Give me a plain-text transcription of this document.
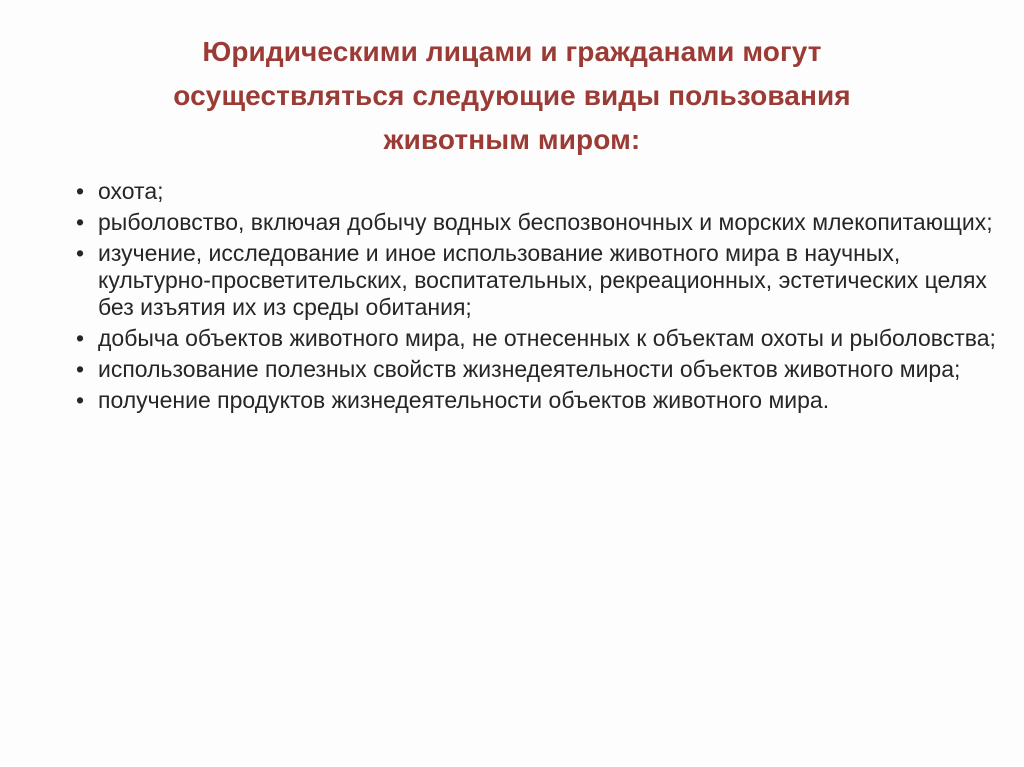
Юридическими лицами и гражданами могут
осуществляться следующие виды пользования
животным миром:
• охота;
• рыболовство, включая добычу водных беспозвоночных и морских млекопитающих;
• изучение, исследование и иное использование животного мира в научных, культурно-просветительских, воспитательных, рекреационных, эстетических целях без изъятия их из среды обитания;
• добыча объектов животного мира, не отнесенных к объектам охоты и рыболовства;
• использование полезных свойств жизнедеятельности объектов животного мира;
• получение продуктов жизнедеятельности объектов животного мира.
